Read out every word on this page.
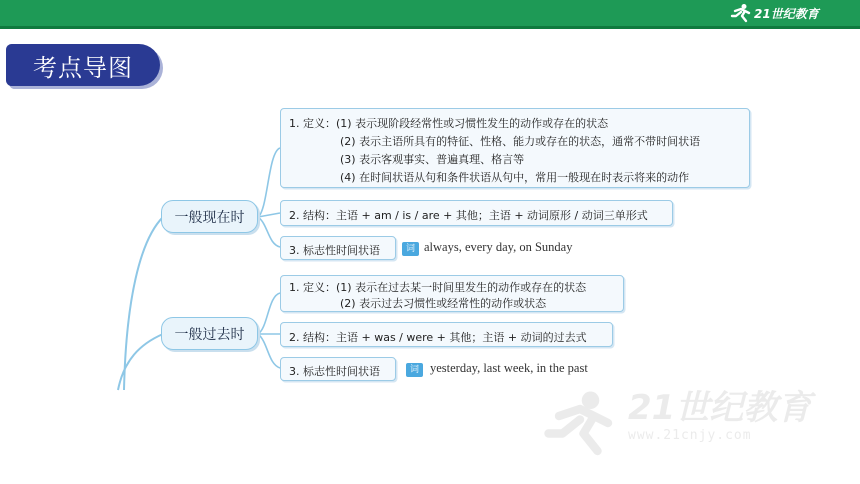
21世纪教育
考点导图
一般现在时
1. 定义：(1) 表示现阶段经常性或习惯性发生的动作或存在的状态
(2) 表示主语所具有的特征、性格、能力或存在的状态，通常不带时间状语
(3) 表示客观事实、普遍真理、格言等
(4) 在时间状语从句和条件状语从句中，常用一般现在时表示将来的动作
2. 结构：主语 + am / is / are + 其他；主语 + 动词原形 / 动词三单形式
3. 标志性时间状语	词 always, every day, on Sunday
一般过去时
1. 定义：(1) 表示在过去某一时间里发生的动作或存在的状态
(2) 表示过去习惯性或经常性的动作或状态
2. 结构：主语 + was / were + 其他；主语 + 动词的过去式
3. 标志性时间状语	词 yesterday, last week, in the past
21世纪教育
www.21cnjy.com
